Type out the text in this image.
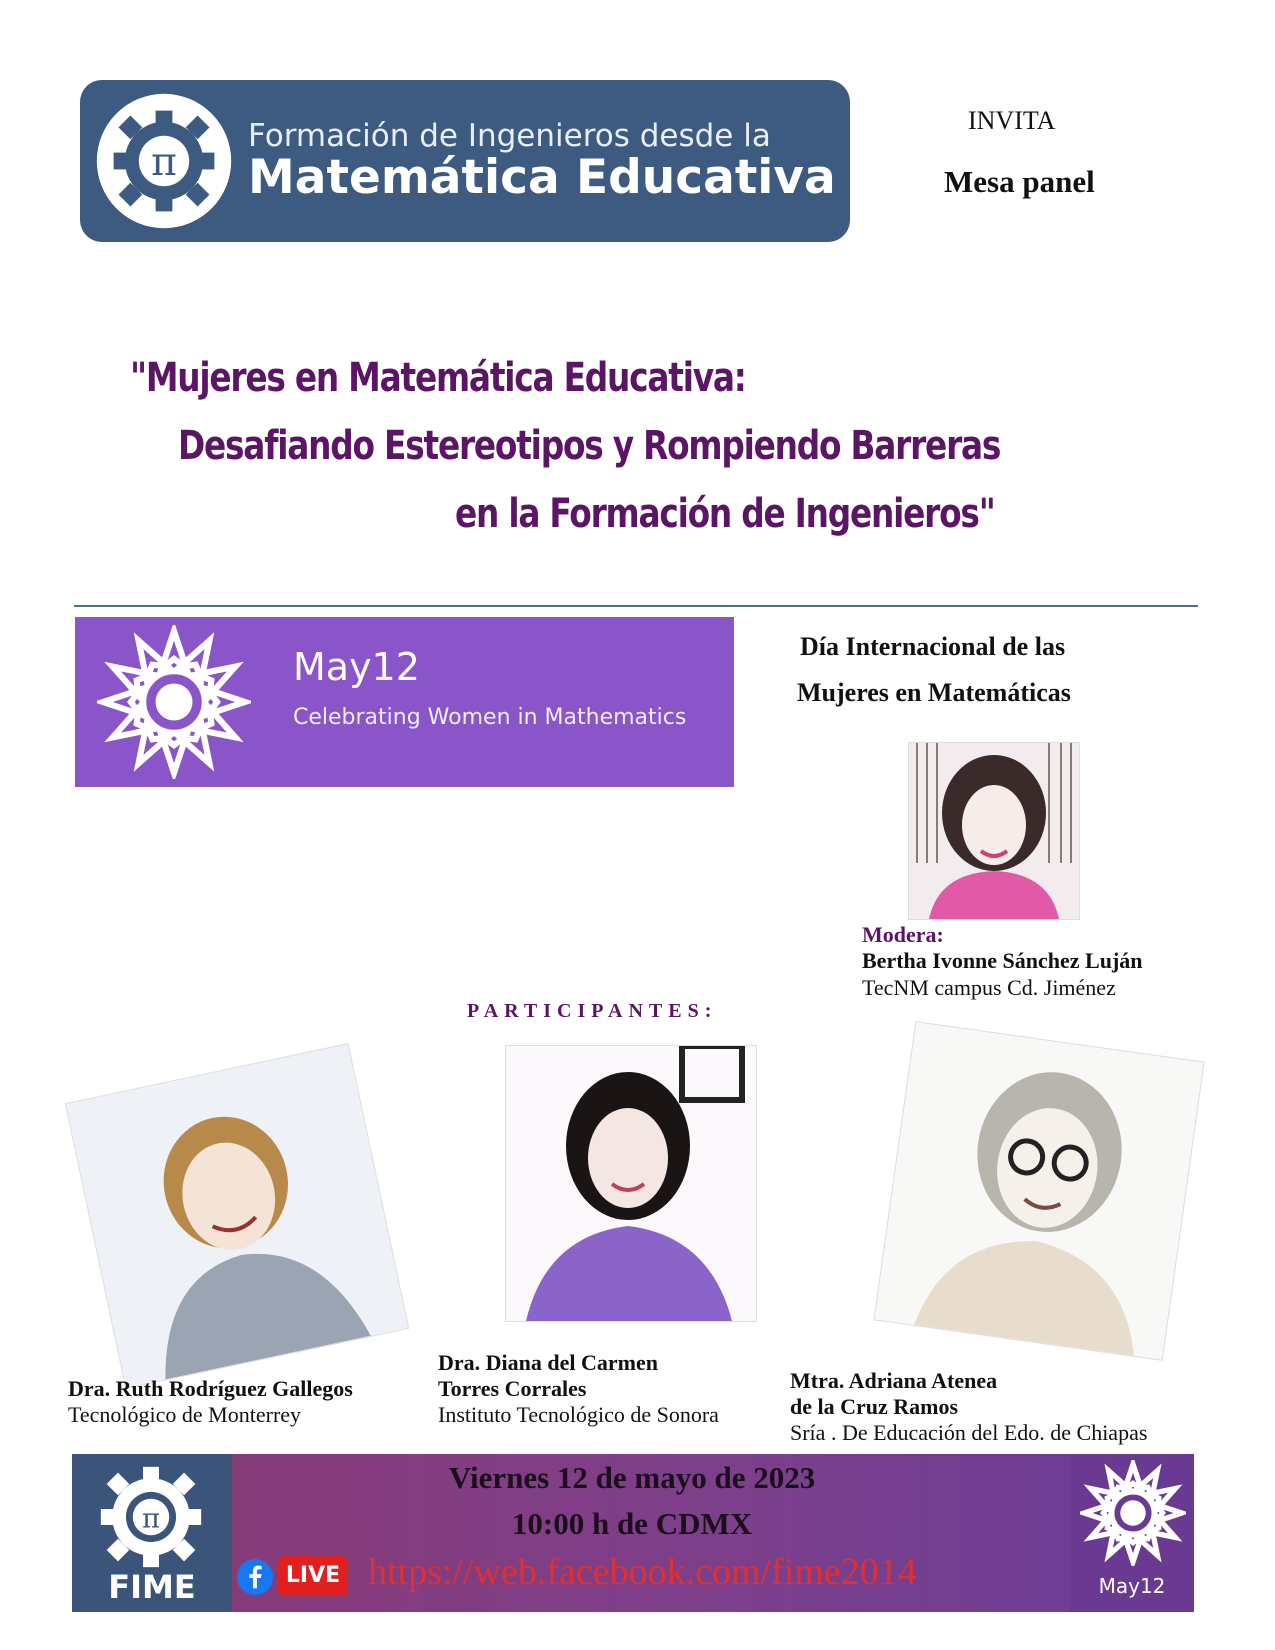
π
Formación de Ingenieros desde la
Matemática Educativa
INVITA
Mesa panel
"Mujeres en Matemática Educativa:
Desafiando Estereotipos y Rompiendo Barreras
en la Formación de Ingenieros"
May12
Celebrating Women in Mathematics
Día Internacional de las
Mujeres en Matemáticas
Modera:
Bertha Ivonne Sánchez Luján
TecNM campus Cd. Jiménez
PARTICIPANTES:
Dra. Ruth Rodríguez Gallegos
Tecnológico de Monterrey
Dra. Diana del Carmen
Torres Corrales
Instituto Tecnológico de Sonora
Mtra. Adriana Atenea
de la Cruz Ramos
Sría . De Educación del Edo. de Chiapas
π
FIME
Viernes 12 de mayo de 2023
10:00 h de CDMX
LIVE https://web.facebook.com/fime2014	May12
